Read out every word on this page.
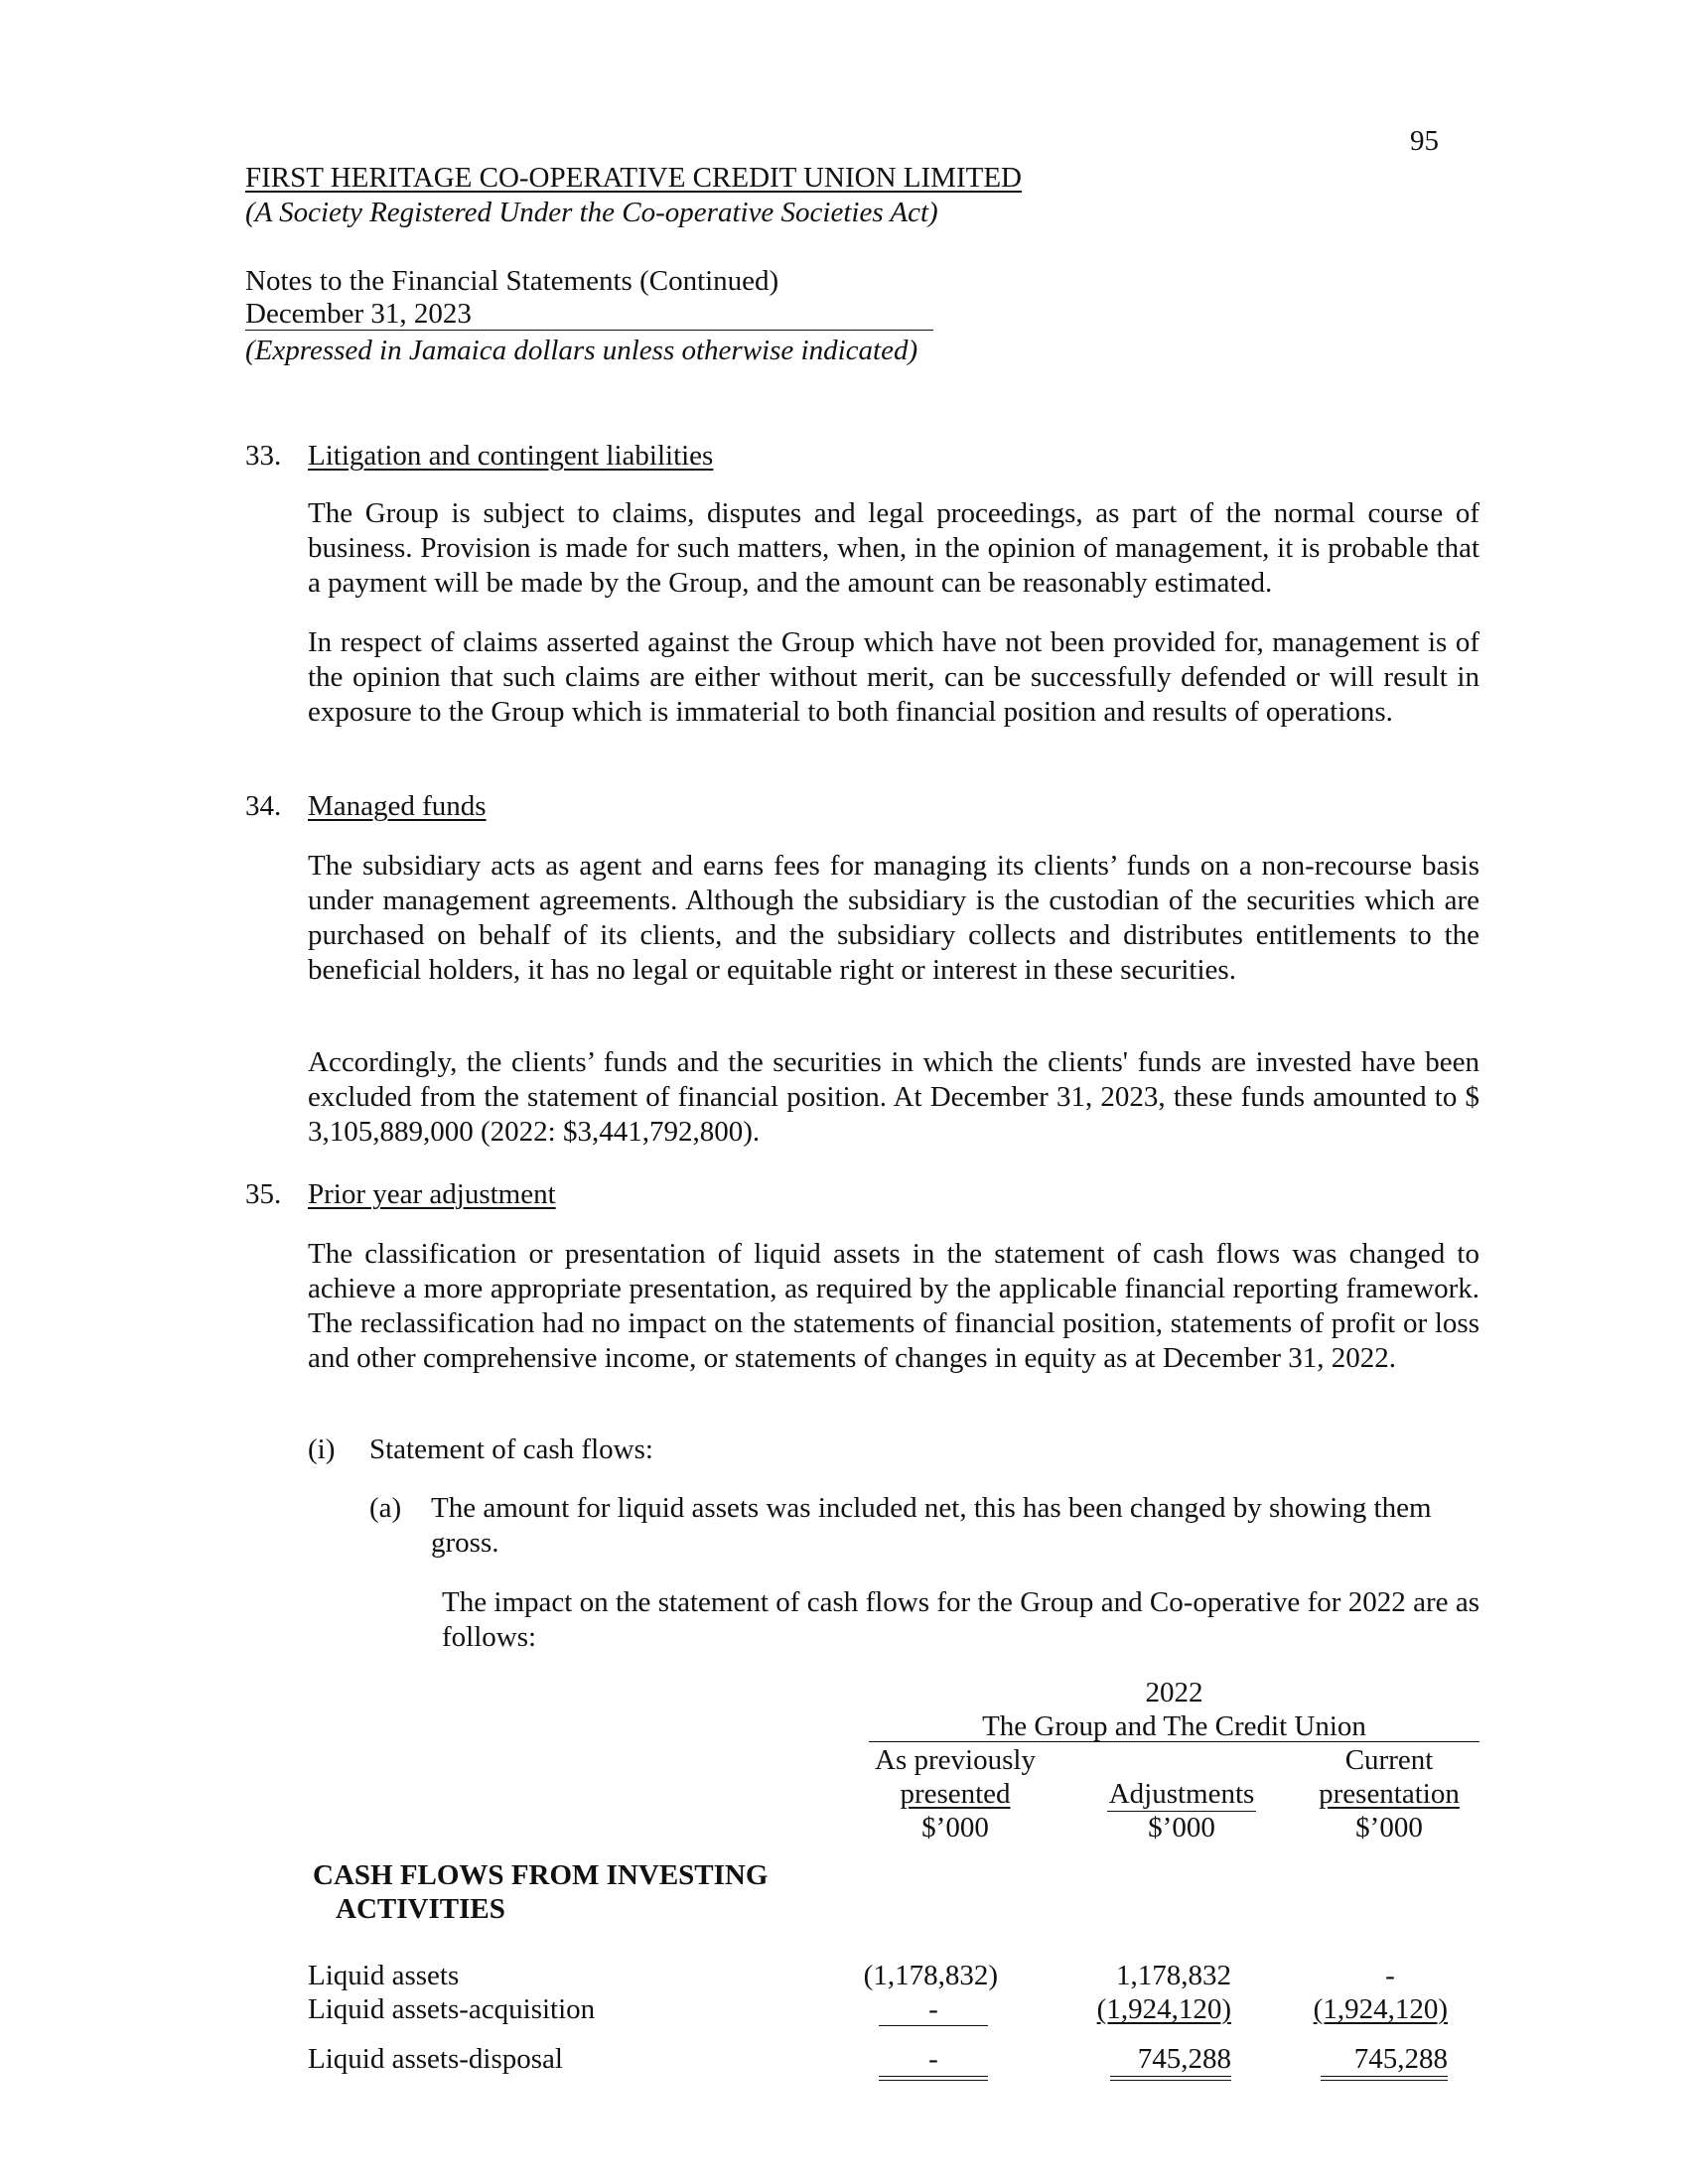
95
FIRST HERITAGE CO-OPERATIVE CREDIT UNION LIMITED
(A Society Registered Under the Co-operative Societies Act)
Notes to the Financial Statements (Continued)
December 31, 2023
(Expressed in Jamaica dollars unless otherwise indicated)
33. Litigation and contingent liabilities
The Group is subject to claims, disputes and legal proceedings, as part of the normal course of business. Provision is made for such matters, when, in the opinion of management, it is probable that a payment will be made by the Group, and the amount can be reasonably estimated.
In respect of claims asserted against the Group which have not been provided for, management is of the opinion that such claims are either without merit, can be successfully defended or will result in exposure to the Group which is immaterial to both financial position and results of operations.
34. Managed funds
The subsidiary acts as agent and earns fees for managing its clients’ funds on a non-recourse basis under management agreements. Although the subsidiary is the custodian of the securities which are purchased on behalf of its clients, and the subsidiary collects and distributes entitlements to the beneficial holders, it has no legal or equitable right or interest in these securities.
Accordingly, the clients’ funds and the securities in which the clients' funds are invested have been excluded from the statement of financial position. At December 31, 2023, these funds amounted to $ 3,105,889,000 (2022: $3,441,792,800).
35. Prior year adjustment
The classification or presentation of liquid assets in the statement of cash flows was changed to achieve a more appropriate presentation, as required by the applicable financial reporting framework. The reclassification had no impact on the statements of financial position, statements of profit or loss and other comprehensive income, or statements of changes in equity as at December 31, 2022.
(i) Statement of cash flows:
(a) The amount for liquid assets was included net, this has been changed by showing them gross.
The impact on the statement of cash flows for the Group and Co-operative for 2022 are as follows:
2022
The Group and The Credit Union
As previously
presented
$’000
Adjustments
$’000
Current
presentation
$’000
CASH FLOWS FROM INVESTING
ACTIVITIES
Liquid assets	(1,178,832)	1,178,832	-
Liquid assets-acquisition	-	(1,924,120)	(1,924,120)
Liquid assets-disposal	-	745,288	745,288
